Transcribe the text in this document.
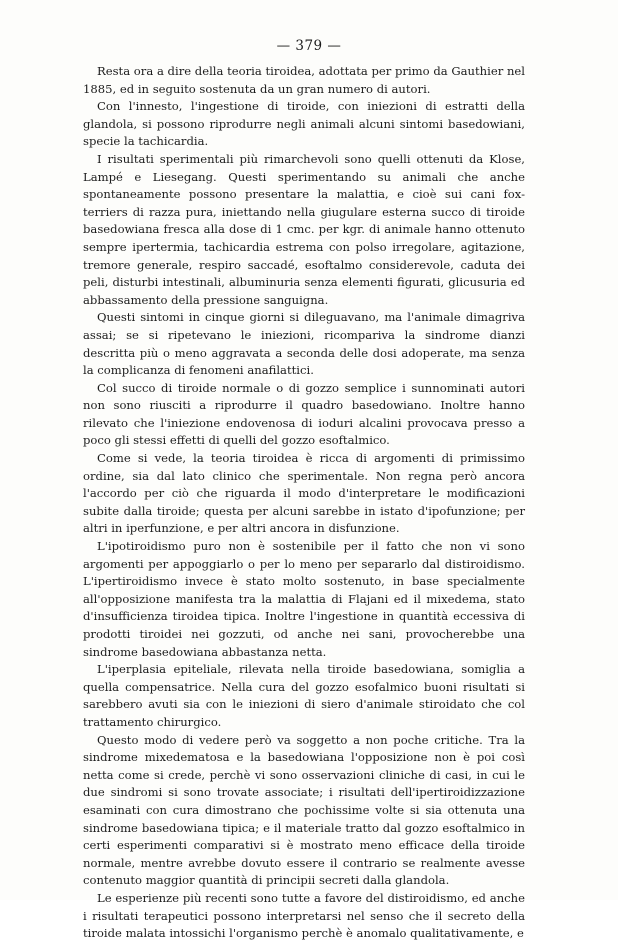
— 379 —

Resta ora a dire della teoria tiroidea, adottata per primo da Gauthier nel 1885, ed in seguito sostenuta da un gran numero di autori.

Con l'innesto, l'ingestione di tiroide, con iniezioni di estratti della glandola, si possono riprodurre negli animali alcuni sintomi basedowiani, specie la tachicardia.

I risultati sperimentali più rimarchevoli sono quelli ottenuti da Klose, Lampé e Liesegang. Questi sperimentando su animali che anche spontaneamente possono presentare la malattia, e cioè sui cani fox-terriers di razza pura, iniettando nella giugulare esterna succo di tiroide basedowiana fresca alla dose di 1 cmc. per kgr. di animale hanno ottenuto sempre ipertermia, tachicardia estrema con polso irregolare, agitazione, tremore generale, respiro saccadé, esoftalmo considerevole, caduta dei peli, disturbi intestinali, albuminuria senza elementi figurati, glicusuria ed abbassamento della pressione sanguigna.

Questi sintomi in cinque giorni si dileguavano, ma l'animale dimagriva assai; se si ripetevano le iniezioni, ricompariva la sindrome dianzi descritta più o meno aggravata a seconda delle dosi adoperate, ma senza la complicanza di fenomeni anafilattici.

Col succo di tiroide normale o di gozzo semplice i sunnominati autori non sono riusciti a riprodurre il quadro basedowiano. Inoltre hanno rilevato che l'iniezione endovenosa di ioduri alcalini provocava presso a poco gli stessi effetti di quelli del gozzo esoftalmico.

Come si vede, la teoria tiroidea è ricca di argomenti di primissimo ordine, sia dal lato clinico che sperimentale. Non regna però ancora l'accordo per ciò che riguarda il modo d'interpretare le modificazioni subite dalla tiroide; questa per alcuni sarebbe in istato d'ipofunzione; per altri in iperfunzione, e per altri ancora in disfunzione.

L'ipotiroidismo puro non è sostenibile per il fatto che non vi sono argomenti per appoggiarlo o per lo meno per separarlo dal distiroidismo. L'ipertiroidismo invece è stato molto sostenuto, in base specialmente all'opposizione manifesta tra la malattia di Flajani ed il mixedema, stato d'insufficienza tiroidea tipica. Inoltre l'ingestione in quantità eccessiva di prodotti tiroidei nei gozzuti, od anche nei sani, provocherebbe una sindrome basedowiana abbastanza netta.

L'iperplasia epiteliale, rilevata nella tiroide basedowiana, somiglia a quella compensatrice. Nella cura del gozzo esofalmico buoni risultati si sarebbero avuti sia con le iniezioni di siero d'animale stiroidato che col trattamento chirurgico.

Questo modo di vedere però va soggetto a non poche critiche. Tra la sindrome mixedematosa e la basedowiana l'opposizione non è poi così netta come si crede, perchè vi sono osservazioni cliniche di casi, in cui le due sindromi si sono trovate associate; i risultati dell'ipertiroidizzazione esaminati con cura dimostrano che pochissime volte si sia ottenuta una sindrome basedowiana tipica; e il materiale tratto dal gozzo esoftalmico in certi esperimenti comparativi si è mostrato meno efficace della tiroide normale, mentre avrebbe dovuto essere il contrario se realmente avesse contenuto maggior quantità di principii secreti dalla glandola.

Le esperienze più recenti sono tutte a favore del distiroidismo, ed anche i risultati terapeutici possono interpretarsi nel senso che il secreto della tiroide malata intossichi l'organismo perchè è anomalo qualitativamente, e
